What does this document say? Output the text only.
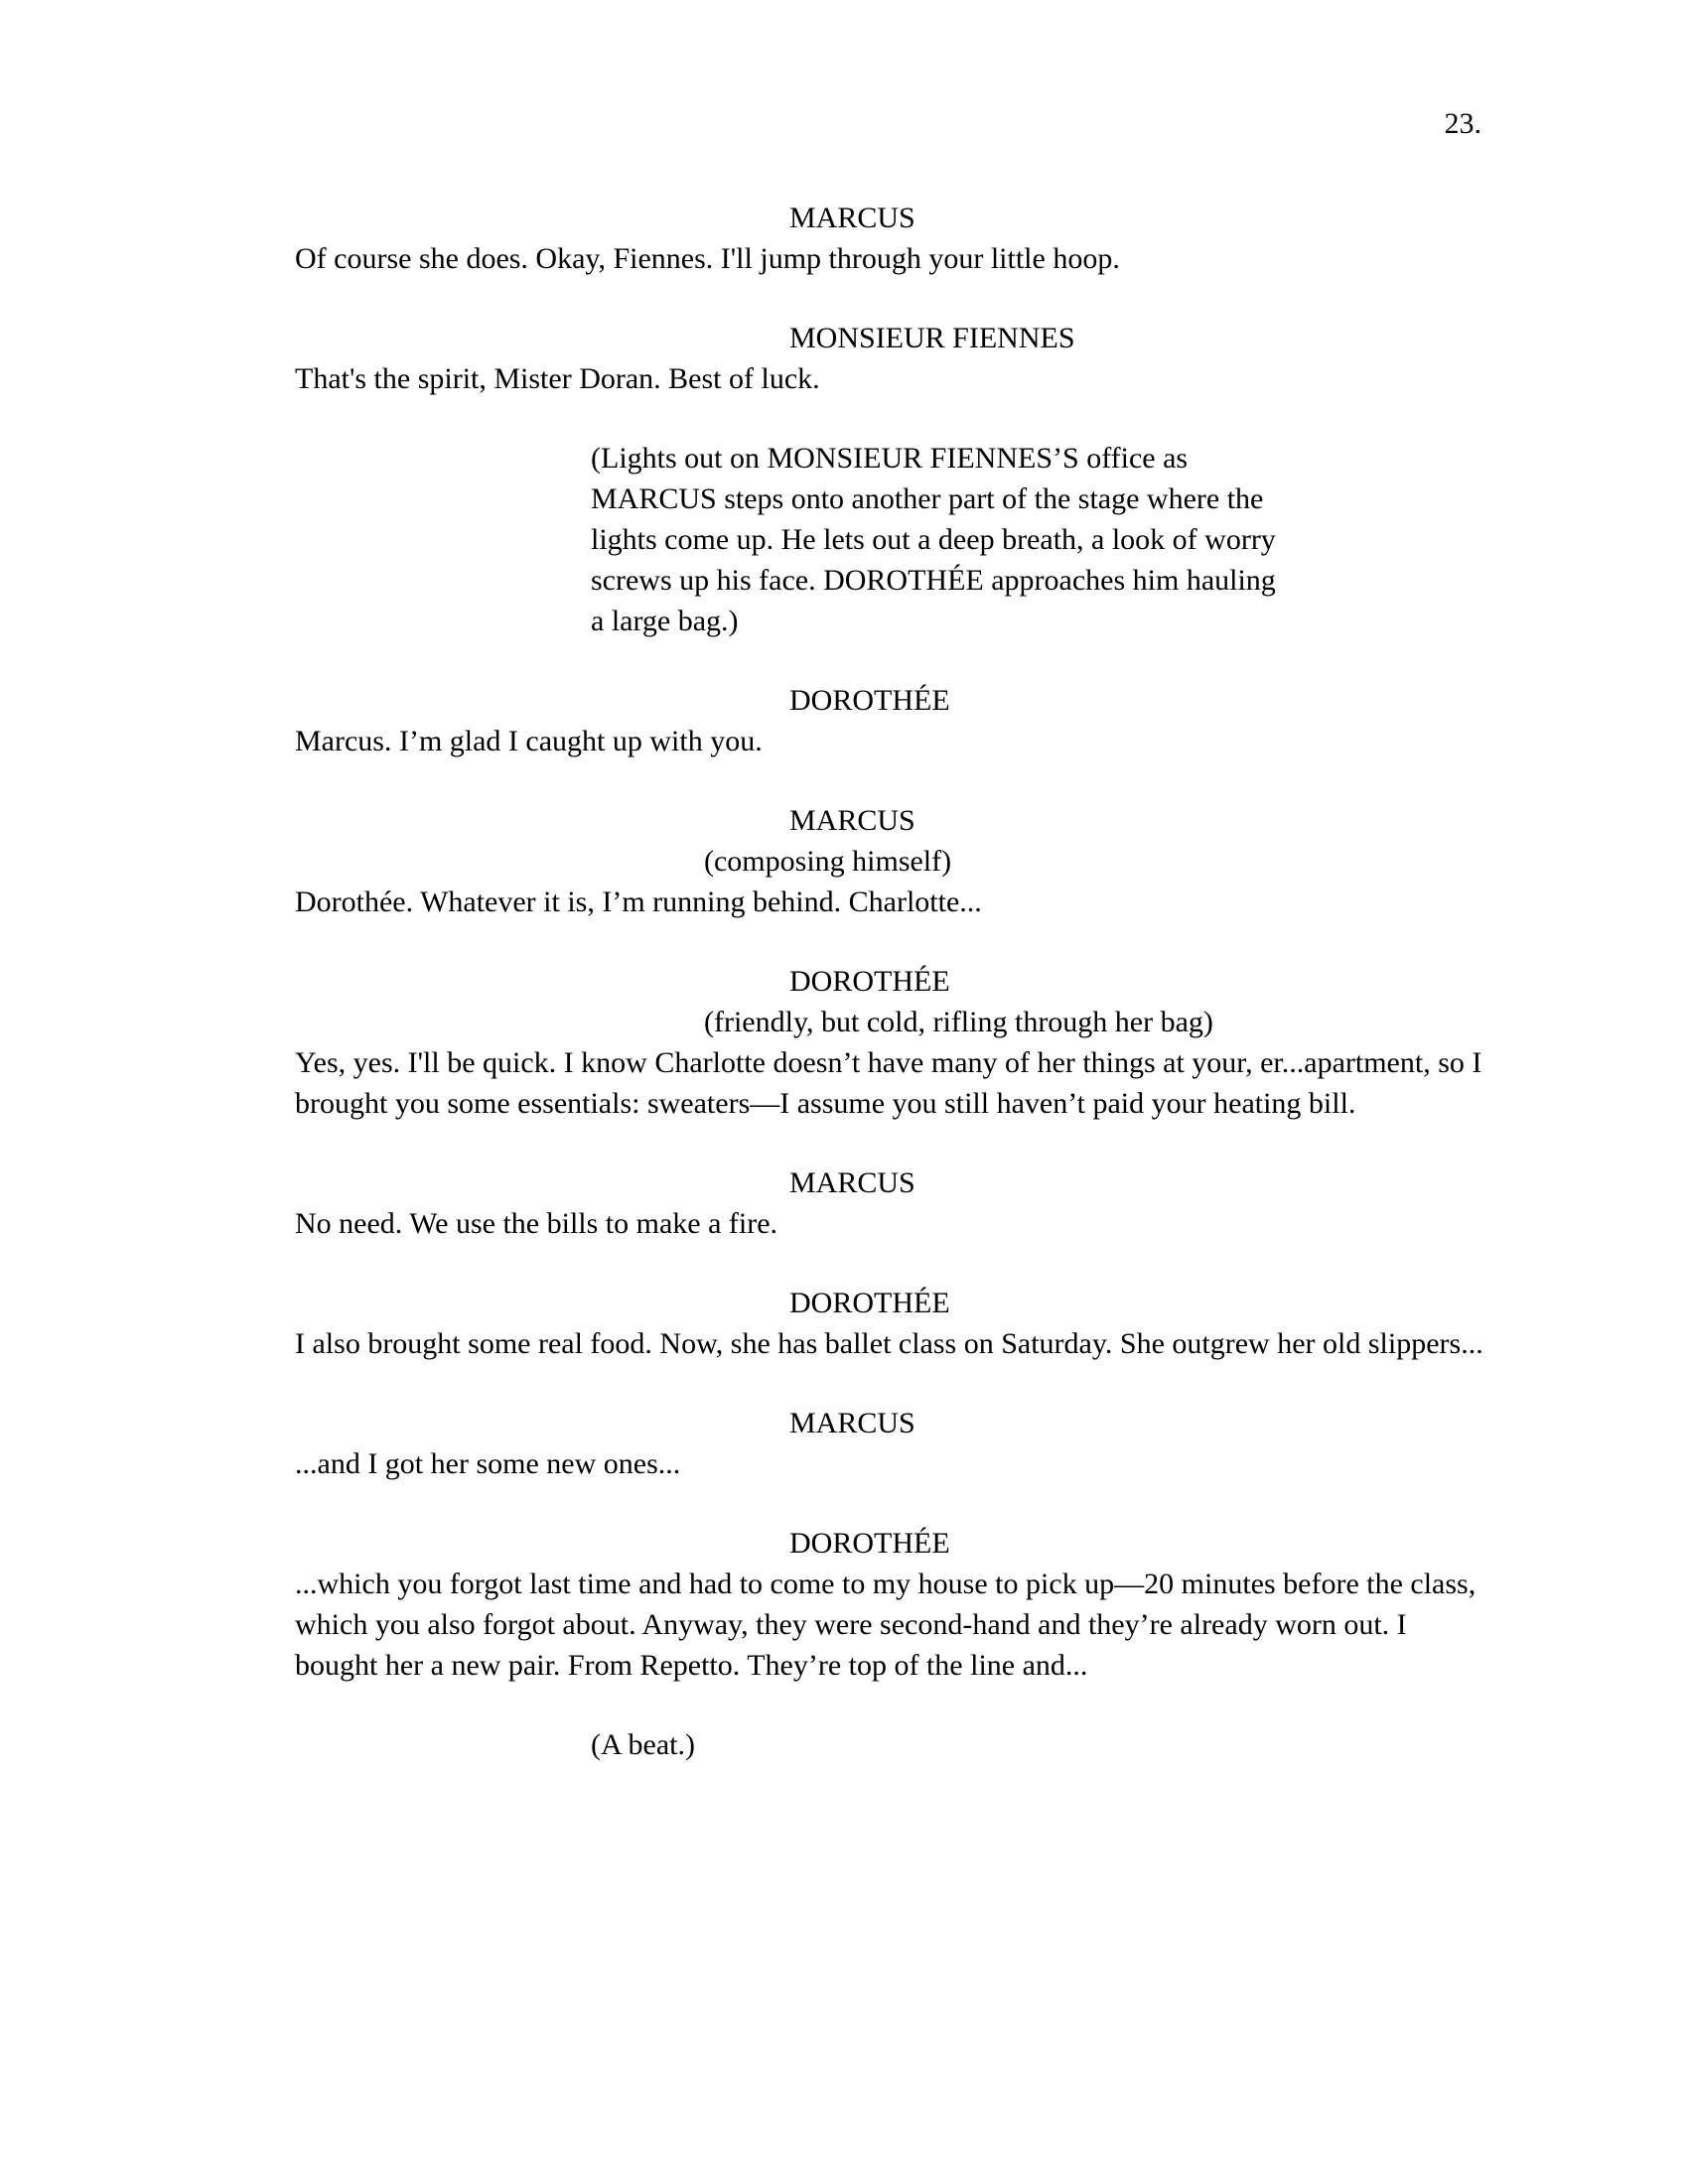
23.

MARCUS

Of course she does. Okay, Fiennes. I'll jump through your little hoop.

MONSIEUR FIENNES

That's the spirit, Mister Doran. Best of luck.

(Lights out on MONSIEUR FIENNES’S office as MARCUS steps onto another part of the stage where the lights come up. He lets out a deep breath, a look of worry screws up his face. DOROTHÉE approaches him hauling a large bag.)

DOROTHÉE

Marcus. I’m glad I caught up with you.

MARCUS

(composing himself)

Dorothée. Whatever it is, I’m running behind. Charlotte...

DOROTHÉE

(friendly, but cold, rifling through her bag)

Yes, yes. I'll be quick. I know Charlotte doesn’t have many of her things at your, er...apartment, so I brought you some essentials: sweaters—I assume you still haven’t paid your heating bill.

MARCUS

No need. We use the bills to make a fire.

DOROTHÉE

I also brought some real food. Now, she has ballet class on Saturday. She outgrew her old slippers...

MARCUS

...and I got her some new ones...

DOROTHÉE

...which you forgot last time and had to come to my house to pick up—20 minutes before the class, which you also forgot about. Anyway, they were second-hand and they’re already worn out. I bought her a new pair. From Repetto. They’re top of the line and...

(A beat.)
